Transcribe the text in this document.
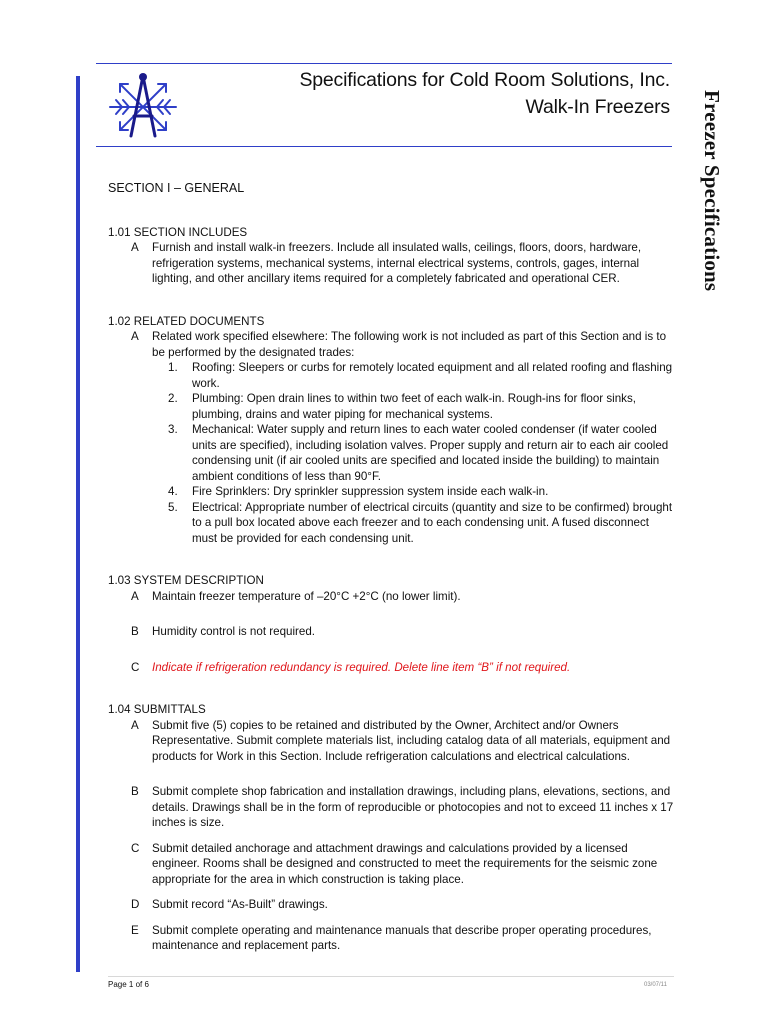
Specifications for Cold Room Solutions, Inc.
Walk-In Freezers Freezer Specifications
SECTION I – GENERAL
1.01 SECTION INCLUDES
A	Furnish and install walk-in freezers. Include all insulated walls, ceilings, floors, doors, hardware, refrigeration systems, mechanical systems, internal electrical systems, controls, gages, internal lighting, and other ancillary items required for a completely fabricated and operational CER.
1.02 RELATED DOCUMENTS
A	Related work specified elsewhere: The following work is not included as part of this Section and is to be performed by the designated trades:
1.	Roofing: Sleepers or curbs for remotely located equipment and all related roofing and flashing work.
2.	Plumbing: Open drain lines to within two feet of each walk-in. Rough-ins for floor sinks, plumbing, drains and water piping for mechanical systems.
3.	Mechanical: Water supply and return lines to each water cooled condenser (if water cooled units are specified), including isolation valves. Proper supply and return air to each air cooled condensing unit (if air cooled units are specified and located inside the building) to maintain ambient conditions of less than 90°F.
4.	Fire Sprinklers: Dry sprinkler suppression system inside each walk-in.
5.	Electrical: Appropriate number of electrical circuits (quantity and size to be confirmed) brought to a pull box located above each freezer and to each condensing unit. A fused disconnect must be provided for each condensing unit.
1.03 SYSTEM DESCRIPTION
A	Maintain freezer temperature of –20°C +2°C (no lower limit).
B	Humidity control is not required.
C	Indicate if refrigeration redundancy is required. Delete line item “B” if not required.
1.04 SUBMITTALS
A	Submit five (5) copies to be retained and distributed by the Owner, Architect and/or Owners Representative. Submit complete materials list, including catalog data of all materials, equipment and products for Work in this Section. Include refrigeration calculations and electrical calculations.
B	Submit complete shop fabrication and installation drawings, including plans, elevations, sections, and details. Drawings shall be in the form of reproducible or photocopies and not to exceed 11 inches x 17 inches is size.
C	Submit detailed anchorage and attachment drawings and calculations provided by a licensed engineer. Rooms shall be designed and constructed to meet the requirements for the seismic zone appropriate for the area in which construction is taking place.
D	Submit record “As-Built” drawings.
E	Submit complete operating and maintenance manuals that describe proper operating procedures, maintenance and replacement parts.
Page 1 of 6	03/07/11
